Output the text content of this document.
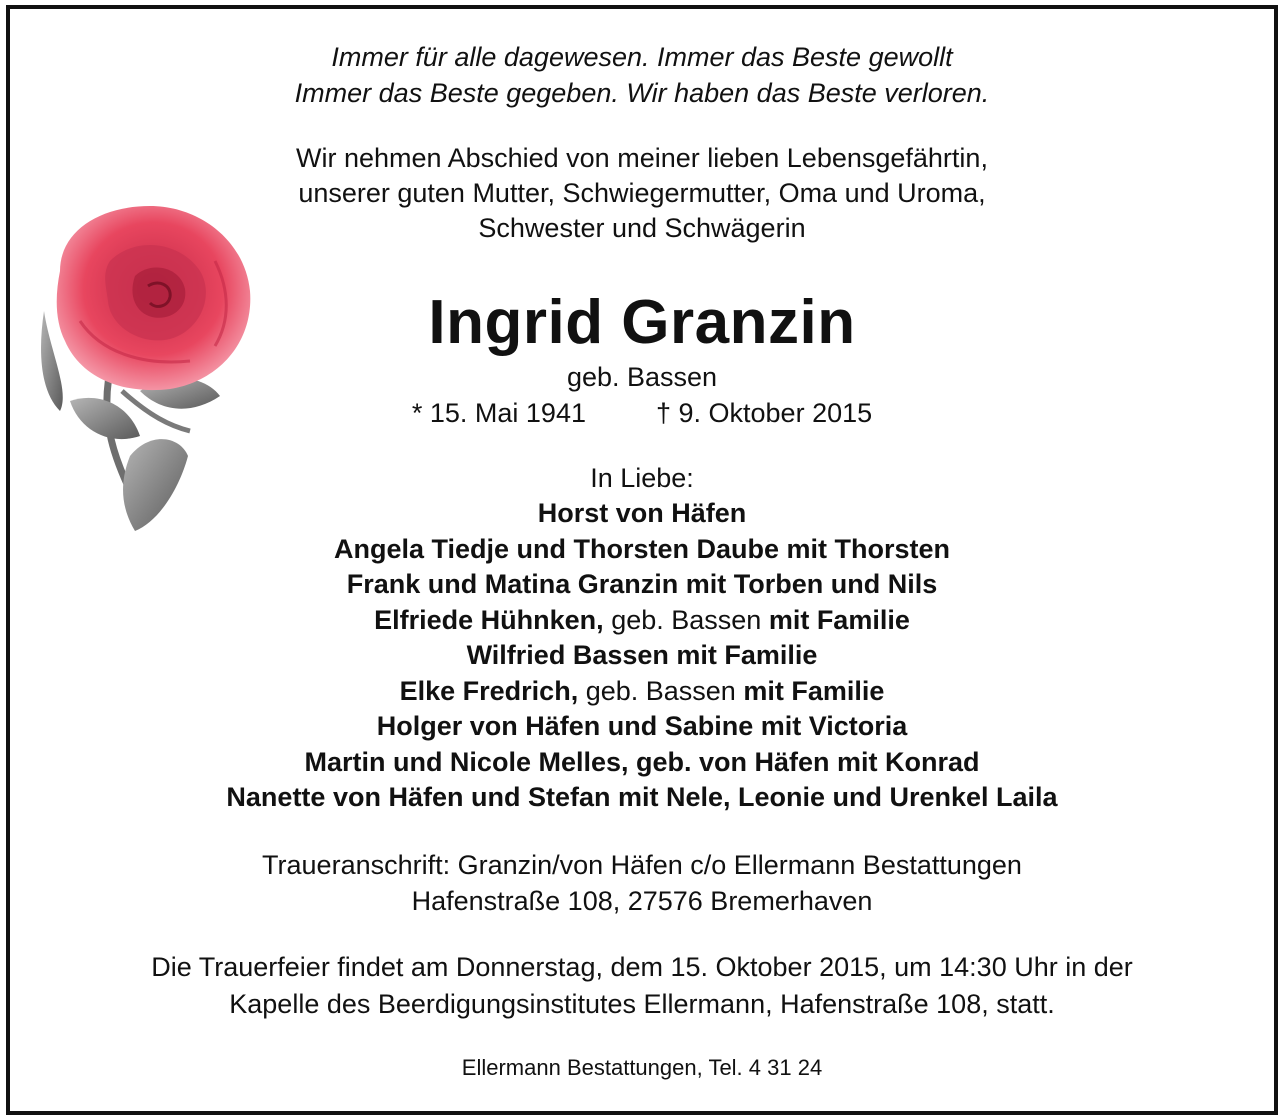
Immer für alle dagewesen. Immer das Beste gewollt
Immer das Beste gegeben. Wir haben das Beste verloren.
Wir nehmen Abschied von meiner lieben Lebensgefährtin,
unserer guten Mutter, Schwiegermutter, Oma und Uroma,
Schwester und Schwägerin
Ingrid Granzin
geb. Bassen
* 15. Mai 1941	† 9. Oktober 2015
In Liebe:
Horst von Häfen
Angela Tiedje und Thorsten Daube mit Thorsten
Frank und Matina Granzin mit Torben und Nils
Elfriede Hühnken, geb. Bassen mit Familie
Wilfried Bassen mit Familie
Elke Fredrich, geb. Bassen mit Familie
Holger von Häfen und Sabine mit Victoria
Martin und Nicole Melles, geb. von Häfen mit Konrad
Nanette von Häfen und Stefan mit Nele, Leonie und Urenkel Laila
Traueranschrift: Granzin/von Häfen c/o Ellermann Bestattungen
Hafenstraße 108, 27576 Bremerhaven
Die Trauerfeier findet am Donnerstag, dem 15. Oktober 2015, um 14:30 Uhr in der
Kapelle des Beerdigungsinstitutes Ellermann, Hafenstraße 108, statt.
Ellermann Bestattungen, Tel. 4 31 24
